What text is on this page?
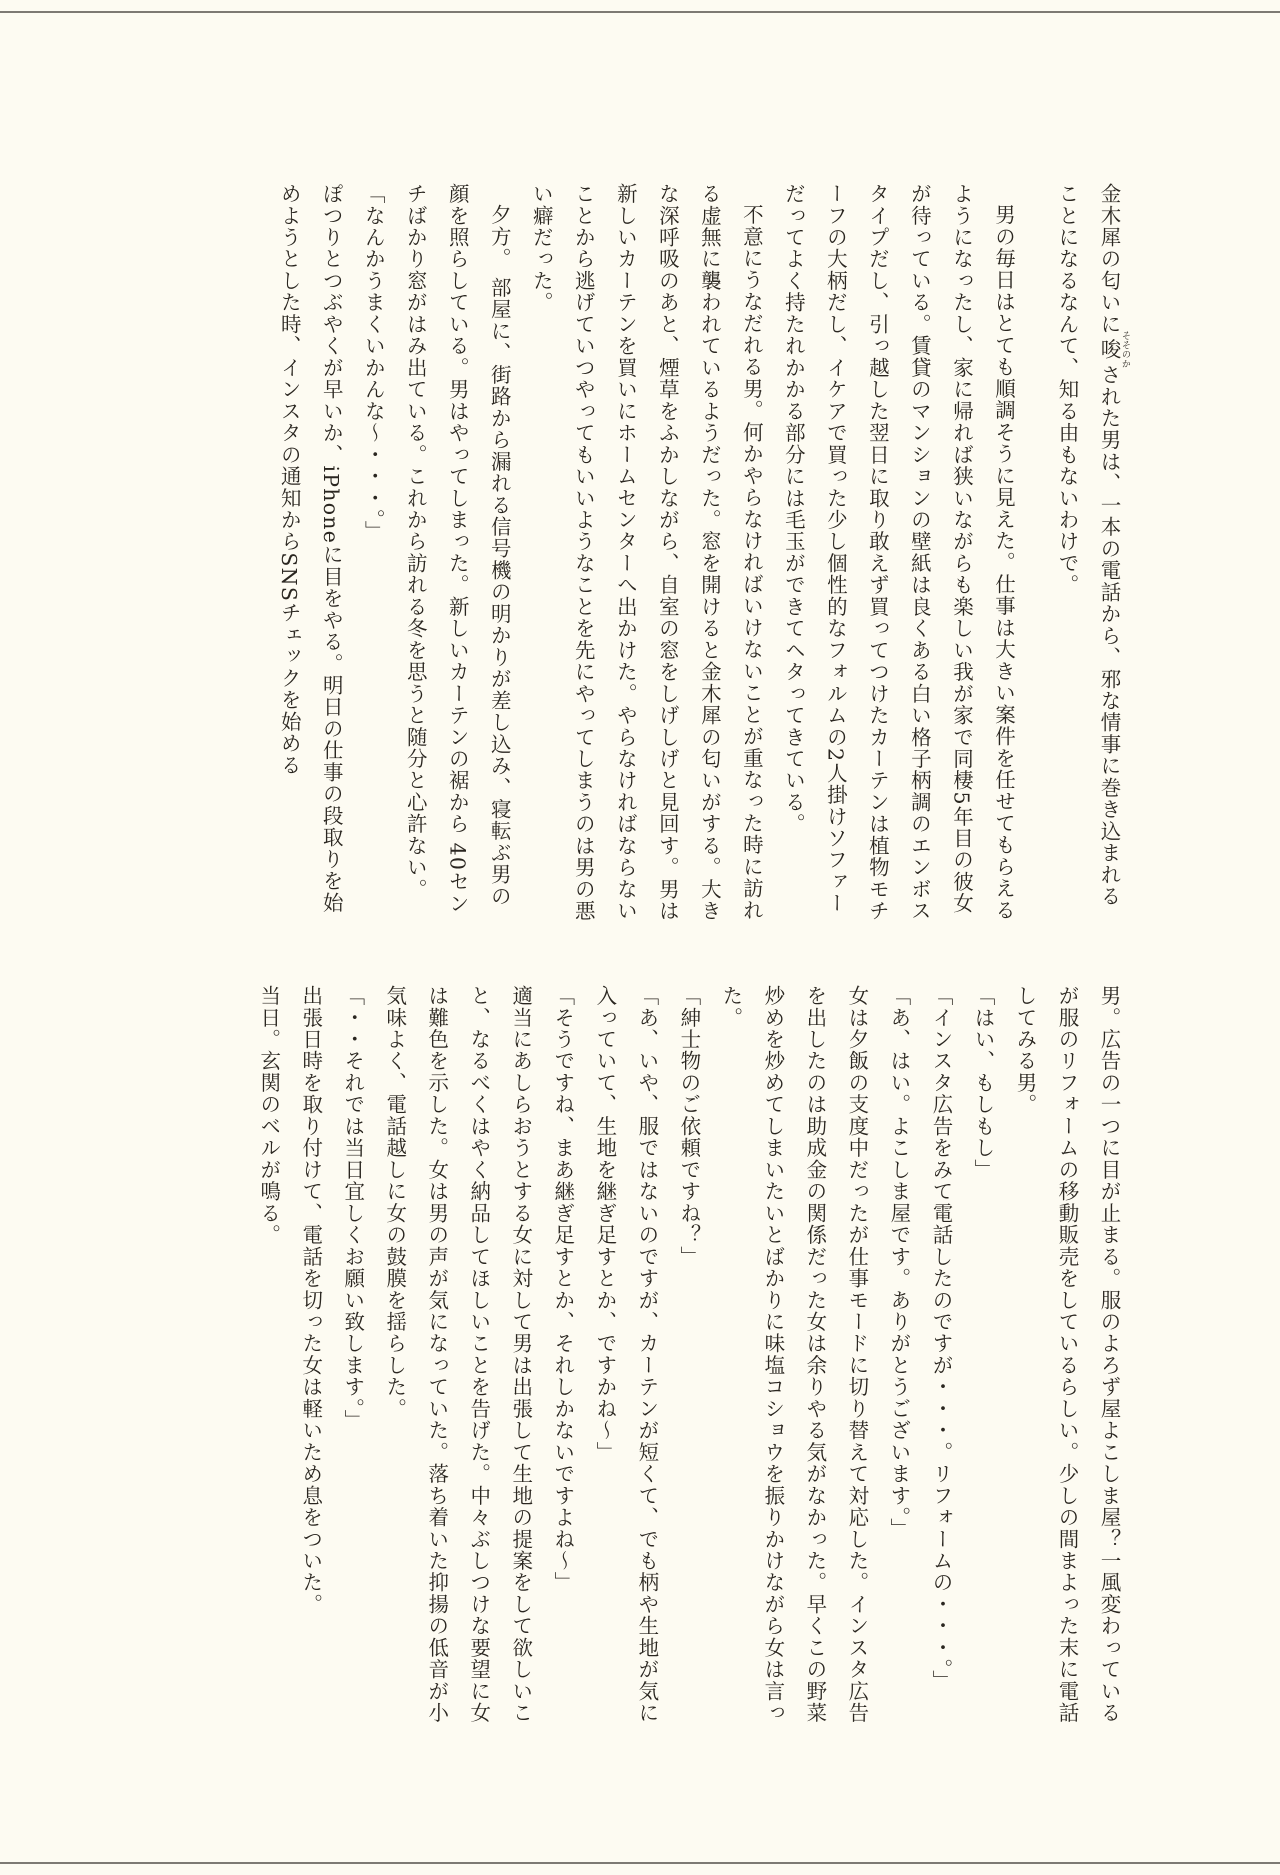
金木犀の匂いに唆そそのかされた男は、一本の電話から、邪な情事に巻き込まれることになるなんて、知る由もないわけで。

男の毎日はとても順調そうに見えた。仕事は大きい案件を任せてもらえるようになったし、家に帰れば狭いながらも楽しい我が家で同棲5年目の彼女が待っている。賃貸のマンションの壁紙は良くある白い格子柄調のエンボスタイプだし、引っ越した翌日に取り敢えず買ってつけたカーテンは植物モチーフの大柄だし、イケアで買った少し個性的なフォルムの2人掛けソファーだってよく持たれかかる部分には毛玉ができてヘタってきている。

不意にうなだれる男。何かやらなければいけないことが重なった時に訪れる虚無に襲われているようだった。窓を開けると金木犀の匂いがする。大きな深呼吸のあと、煙草をふかしながら、自室の窓をしげしげと見回す。男は新しいカーテンを買いにホームセンターへ出かけた。やらなければならないことから逃げていつやってもいいようなことを先にやってしまうのは男の悪い癖だった。

夕方。 部屋に、街路から漏れる信号機の明かりが差し込み、寝転ぶ男の顔を照らしている。男はやってしまった。新しいカーテンの裾から 40センチばかり窓がはみ出ている。これから訪れる冬を思うと随分と心許ない。

「なんかうまくいかんな〜・・・。」

ぽつりとつぶやくが早いか、iPhoneに目をやる。明日の仕事の段取りを始めようとした時、インスタの通知からSNSチェックを始める

男。広告の一つに目が止まる。服のよろず屋よこしま屋？一風変わっているが服のリフォームの移動販売をしているらしい。少しの間まよった末に電話してみる男。

「はい、もしもし」

「インスタ広告をみて電話したのですが・・・。リフォームの・・・。」

「あ、はい。よこしま屋です。ありがとうございます。」

女は夕飯の支度中だったが仕事モードに切り替えて対応した。インスタ広告を出したのは助成金の関係だった女は余りやる気がなかった。早くこの野菜炒めを炒めてしまいたいとばかりに味塩コショウを振りかけながら女は言った。

「紳士物のご依頼ですね？」

「あ、いや、服ではないのですが、カーテンが短くて、でも柄や生地が気に入っていて、生地を継ぎ足すとか、ですかね〜」

「そうですね、まあ継ぎ足すとか、それしかないですよね〜」

適当にあしらおうとする女に対して男は出張して生地の提案をして欲しいこと、なるべくはやく納品してほしいことを告げた。中々ぶしつけな要望に女は難色を示した。女は男の声が気になっていた。落ち着いた抑揚の低音が小気味よく、電話越しに女の鼓膜を揺らした。

「・・それでは当日宜しくお願い致します。」

出張日時を取り付けて、電話を切った女は軽いため息をついた。

当日。玄関のベルが鳴る。
